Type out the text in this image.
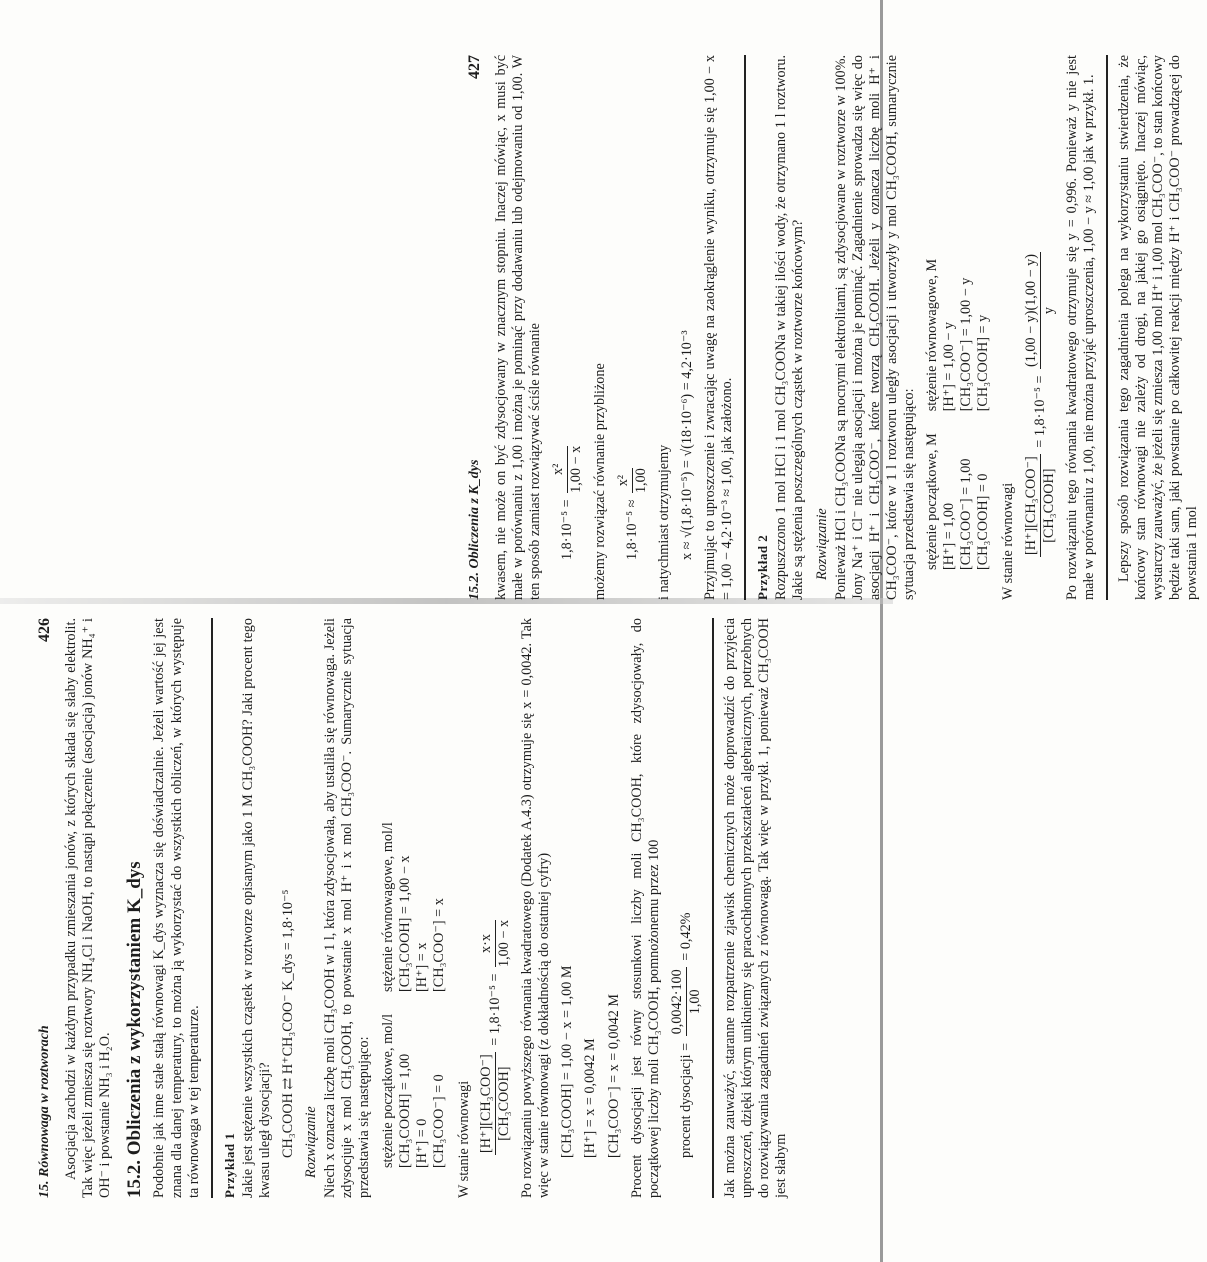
15. Równowaga w roztworach
426 Asocjacja zachodzi w każdym przypadku zmieszania jonów, z których składa się słaby elektrolit. Tak więc jeżeli zmiesza się roztwory NH₄Cl i NaOH, to nastąpi połączenie (asocjacja) jonów NH₄⁺ i OH⁻ i powstanie NH₃ i H₂O. 15.2. Obliczenia z wykorzystaniem K_dys Podobnie jak inne stałe stałą równowagi K_dys wyznacza się doświadczalnie. Jeżeli wartość jej jest znana dla danej temperatury, to można ją wykorzystać do wszystkich obliczeń, w których występuje ta równowaga w tej temperaturze. Przykład 1 Jakie jest stężenie wszystkich cząstek w roztworze opisanym jako 1 M CH₃COOH? Jaki procent tego kwasu uległ dysocjacji? CH₃COOH ⇄ H⁺CH₃COO⁻ K_dys = 1,8·10⁻⁵ Rozwiązanie Niech x oznacza liczbę moli CH₃COOH w 1 l, która zdysocjowała, aby ustaliła się równowaga. Jeżeli zdysocjuje x mol CH₃COOH, to powstanie x mol H⁺ i x mol CH₃COO⁻. Sumarycznie sytuacja przedstawia się następująco: stężenie początkowe, mol/l [CH₃COOH] = 1,00 [H⁺] = 0 [CH₃COO⁻] = 0
stężenie równowagowe, mol/l [CH₃COOH] = 1,00 − x [H⁺] = x [CH₃COO⁻] = x
W stanie równowagi [H⁺][CH₃COO⁻] [CH₃COOH]
= 1,8·10⁻⁵ =
x·x 1,00 − x Po rozwiązaniu powyższego równania kwadratowego (Dodatek A.4.3) otrzymuje się x = 0,0042. Tak więc w stanie równowagi (z dokładnością do ostatniej cyfry) [CH₃COOH] = 1,00 − x = 1,00 M [H⁺] = x = 0,0042 M [CH₃COO⁻] = x = 0,0042 M Procent dysocjacji jest równy stosunkowi liczby moli CH₃COOH, które zdysocjowały, do początkowej liczby moli CH₃COOH, pomnożonemu przez 100	procent dysocjacji =
0,0042·100 1,00
= 0,42%	Jak można zauważyć, staranne rozpatrzenie zjawisk chemicznych może doprowadzić do przyjęcia uproszczeń, dzięki którym unikniemy się pracochłonnych przekształceń algebraicznych, potrzebnych do rozwiązywania zagadnień związanych z równowagą. Tak więc w przykł. 1, ponieważ CH₃COOH jest słabym

15.2. Obliczenia z K_dys
427 kwasem, nie może on być zdysocjowany w znacznym stopniu. Inaczej mówiąc, x musi być małe w porównaniu z 1,00 i można je pominąć przy dodawaniu lub odejmowaniu od 1,00. W ten sposób zamiast rozwiązywać ściśle równanie	1,8·10⁻⁵ =
x² 1,00 − x możemy rozwiązać równanie przybliżone	1,8·10⁻⁵ ≈
x² 1,00 i natychmiast otrzymujemy x ≈ √(1,8·10⁻⁵) = √(18·10⁻⁶) = 4,2·10⁻³ Przyjmując to uproszczenie i zwracając uwagę na zaokrąglenie wyniku, otrzymuje się 1,00 − x = 1,00 − 4,2·10⁻³ ≈ 1,00, jak założono. Przykład 2 Rozpuszczono 1 mol HCl i 1 mol CH₃COONa w takiej ilości wody, że otrzymano 1 l roztworu. Jakie są stężenia poszczególnych cząstek w roztworze końcowym? Rozwiązanie Ponieważ HCl i CH₃COONa są mocnymi elektrolitami, są zdysocjowane w roztworze w 100%. Jony Na⁺ i Cl⁻ nie ulegają asocjacji i można je pominąć. Zagadnienie sprowadza się więc do asocjacji H⁺ i CH₃COO⁻, które tworzą CH₃COOH. Jeżeli y oznacza liczbę moli H⁺ i CH₃COO⁻, które w 1 l roztworu uległy asocjacji i utworzyły y mol CH₃COOH, sumarycznie sytuacja przedstawia się następująco: stężenie początkowe, M [H⁺] = 1,00 [CH₃COO⁻] = 1,00 [CH₃COOH] = 0
stężenie równowagowe, M [H⁺] = 1,00 − y [CH₃COO⁻] = 1,00 − y [CH₃COOH] = y
W stanie równowagi [H⁺][CH₃COO⁻] [CH₃COOH]
= 1,8·10⁻⁵ =
(1,00 − y)(1,00 − y) y Po rozwiązaniu tego równania kwadratowego otrzymuje się y = 0,996. Ponieważ y nie jest małe w porównaniu z 1,00, nie można przyjąć uproszczenia, 1,00 − y ≈ 1,00 jak w przykł. 1. Lepszy sposób rozwiązania tego zagadnienia polega na wykorzystaniu stwierdzenia, że końcowy stan równowagi nie zależy od drogi, na jakiej go osiągnięto. Inaczej mówiąc, wystarczy zauważyć, że jeżeli się zmiesza 1,00 mol H⁺ i 1,00 mol CH₃COO⁻, to stan końcowy będzie taki sam, jaki powstanie po całkowitej reakcji między H⁺ i CH₃COO⁻ prowadzącej do powstania 1 mol
